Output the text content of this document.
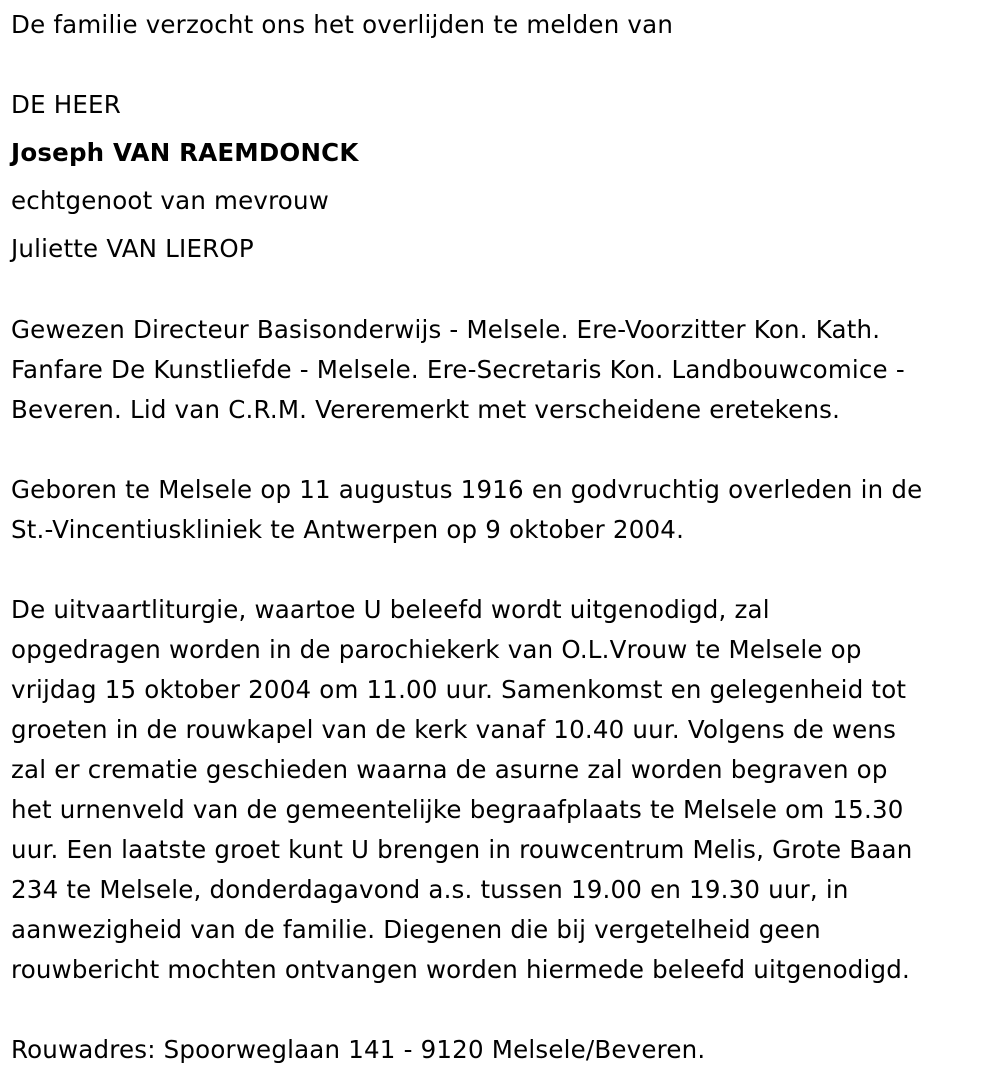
De familie verzocht ons het overlijden te melden van
DE HEER
Joseph VAN RAEMDONCK
echtgenoot van mevrouw
Juliette VAN LIEROP
Gewezen Directeur Basisonderwijs - Melsele. Ere-Voorzitter Kon. Kath.
Fanfare De Kunstliefde - Melsele. Ere-Secretaris Kon. Landbouwcomice -
Beveren. Lid van C.R.M. Vereremerkt met verscheidene eretekens.
Geboren te Melsele op 11 augustus 1916 en godvruchtig overleden in de
St.-Vincentiuskliniek te Antwerpen op 9 oktober 2004.
De uitvaartliturgie, waartoe U beleefd wordt uitgenodigd, zal
opgedragen worden in de parochiekerk van O.L.Vrouw te Melsele op
vrijdag 15 oktober 2004 om 11.00 uur. Samenkomst en gelegenheid tot
groeten in de rouwkapel van de kerk vanaf 10.40 uur. Volgens de wens
zal er crematie geschieden waarna de asurne zal worden begraven op
het urnenveld van de gemeentelijke begraafplaats te Melsele om 15.30
uur. Een laatste groet kunt U brengen in rouwcentrum Melis, Grote Baan
234 te Melsele, donderdagavond a.s. tussen 19.00 en 19.30 uur, in
aanwezigheid van de familie. Diegenen die bij vergetelheid geen
rouwbericht mochten ontvangen worden hiermede beleefd uitgenodigd.
Rouwadres: Spoorweglaan 141 - 9120 Melsele/Beveren.
